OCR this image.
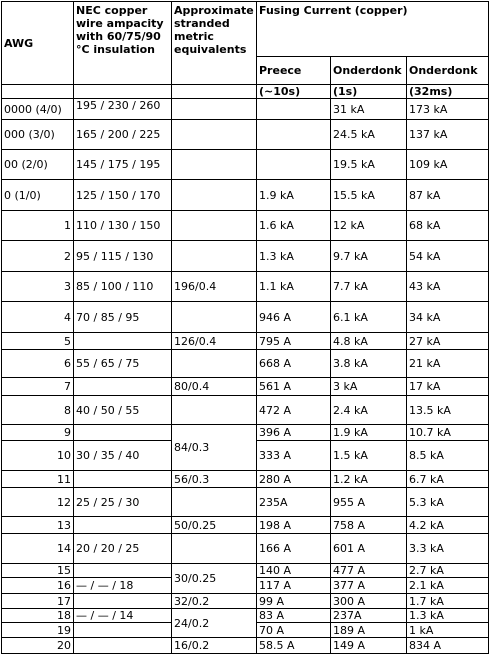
AWG	NEC copper wire ampacity with 60/75/90 °C insulation	Approximate stranded metric equivalents	Fusing Current (copper)		
			Preece	Onderdonk	Onderdonk
			(~10s)	(1s)	(32ms)
0000 (4/0)	195 / 230 / 260			31 kA	173 kA
000 (3/0)	165 / 200 / 225			24.5 kA	137 kA
00 (2/0)	145 / 175 / 195			19.5 kA	109 kA
0 (1/0)	125 / 150 / 170		1.9 kA	15.5 kA	87 kA
1	110 / 130 / 150		1.6 kA	12 kA	68 kA
2	95 / 115 / 130		1.3 kA	9.7 kA	54 kA
3	85 / 100 / 110	196/0.4	1.1 kA	7.7 kA	43 kA
4	70 / 85 / 95		946 A	6.1 kA	34 kA
5		126/0.4	795 A	4.8 kA	27 kA
6	55 / 65 / 75		668 A	3.8 kA	21 kA
7		80/0.4	561 A	3 kA	17 kA
8	40 / 50 / 55		472 A	2.4 kA	13.5 kA
9		84/0.3	396 A	1.9 kA	10.7 kA
10	30 / 35 / 40		333 A	1.5 kA	8.5 kA
11		56/0.3	280 A	1.2 kA	6.7 kA
12	25 / 25 / 30		235A	955 A	5.3 kA
13		50/0.25	198 A	758 A	4.2 kA
14	20 / 20 / 25		166 A	601 A	3.3 kA
15		30/0.25	140 A	477 A	2.7 kA
16	— / — / 18		117 A	377 A	2.1 kA
17		32/0.2	99 A	300 A	1.7 kA
18	— / — / 14	24/0.2	83 A	237A	1.3 kA
19			70 A	189 A	1 kA
20		16/0.2	58.5 A	149 A	834 A
